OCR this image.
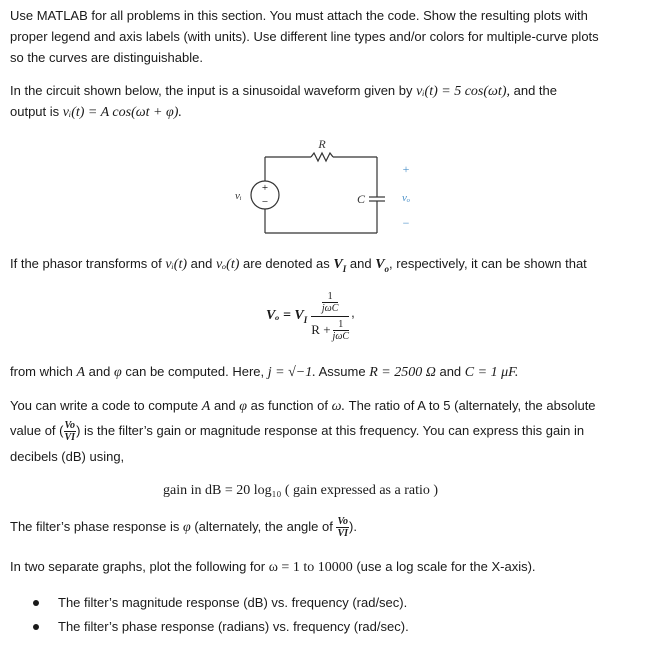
Use MATLAB for all problems in this section. You must attach the code. Show the resulting plots with

proper legend and axis labels (with units). Use different line types and/or colors for multiple-curve plots

so the curves are distinguishable.

In the circuit shown below, the input is a sinusoidal waveform given by vᵢ(t) = 5 cos(ωt), and the

output is vᵢ(t) = A cos(ωt + φ).

+
−
vᵢ
R
C
+
vₒ
−

If the phasor transforms of vᵢ(t) and vₒ(t) are denoted as $V_I$ and $V_o$, respectively, it can be shown that

$V_o = V_I$
$\frac{1}{\text{jωC}}$
$R + \frac{1}{\text{jωC}}$
,

from which A and φ can be computed. Here, j = √−1. Assume R = 2500 Ω and C = 1 μF.

You can write a code to compute A and φ as function of ω. The ratio of A to 5 (alternately, the absolute

value of ( $\frac{Vo}{VI}$ ) is the filter’s gain or magnitude response at this frequency. You can express this gain in

decibels (dB) using,

gain in dB = 20 log₁₀ ( gain expressed as a ratio )

The filter’s phase response is φ (alternately, the angle of $\frac{Vo}{VI}$ ).

In two separate graphs, plot the following for ω = 1 to 10000 (use a log scale for the X-axis).

The filter’s magnitude response (dB) vs. frequency (rad/sec).
The filter’s phase response (radians) vs. frequency (rad/sec).
